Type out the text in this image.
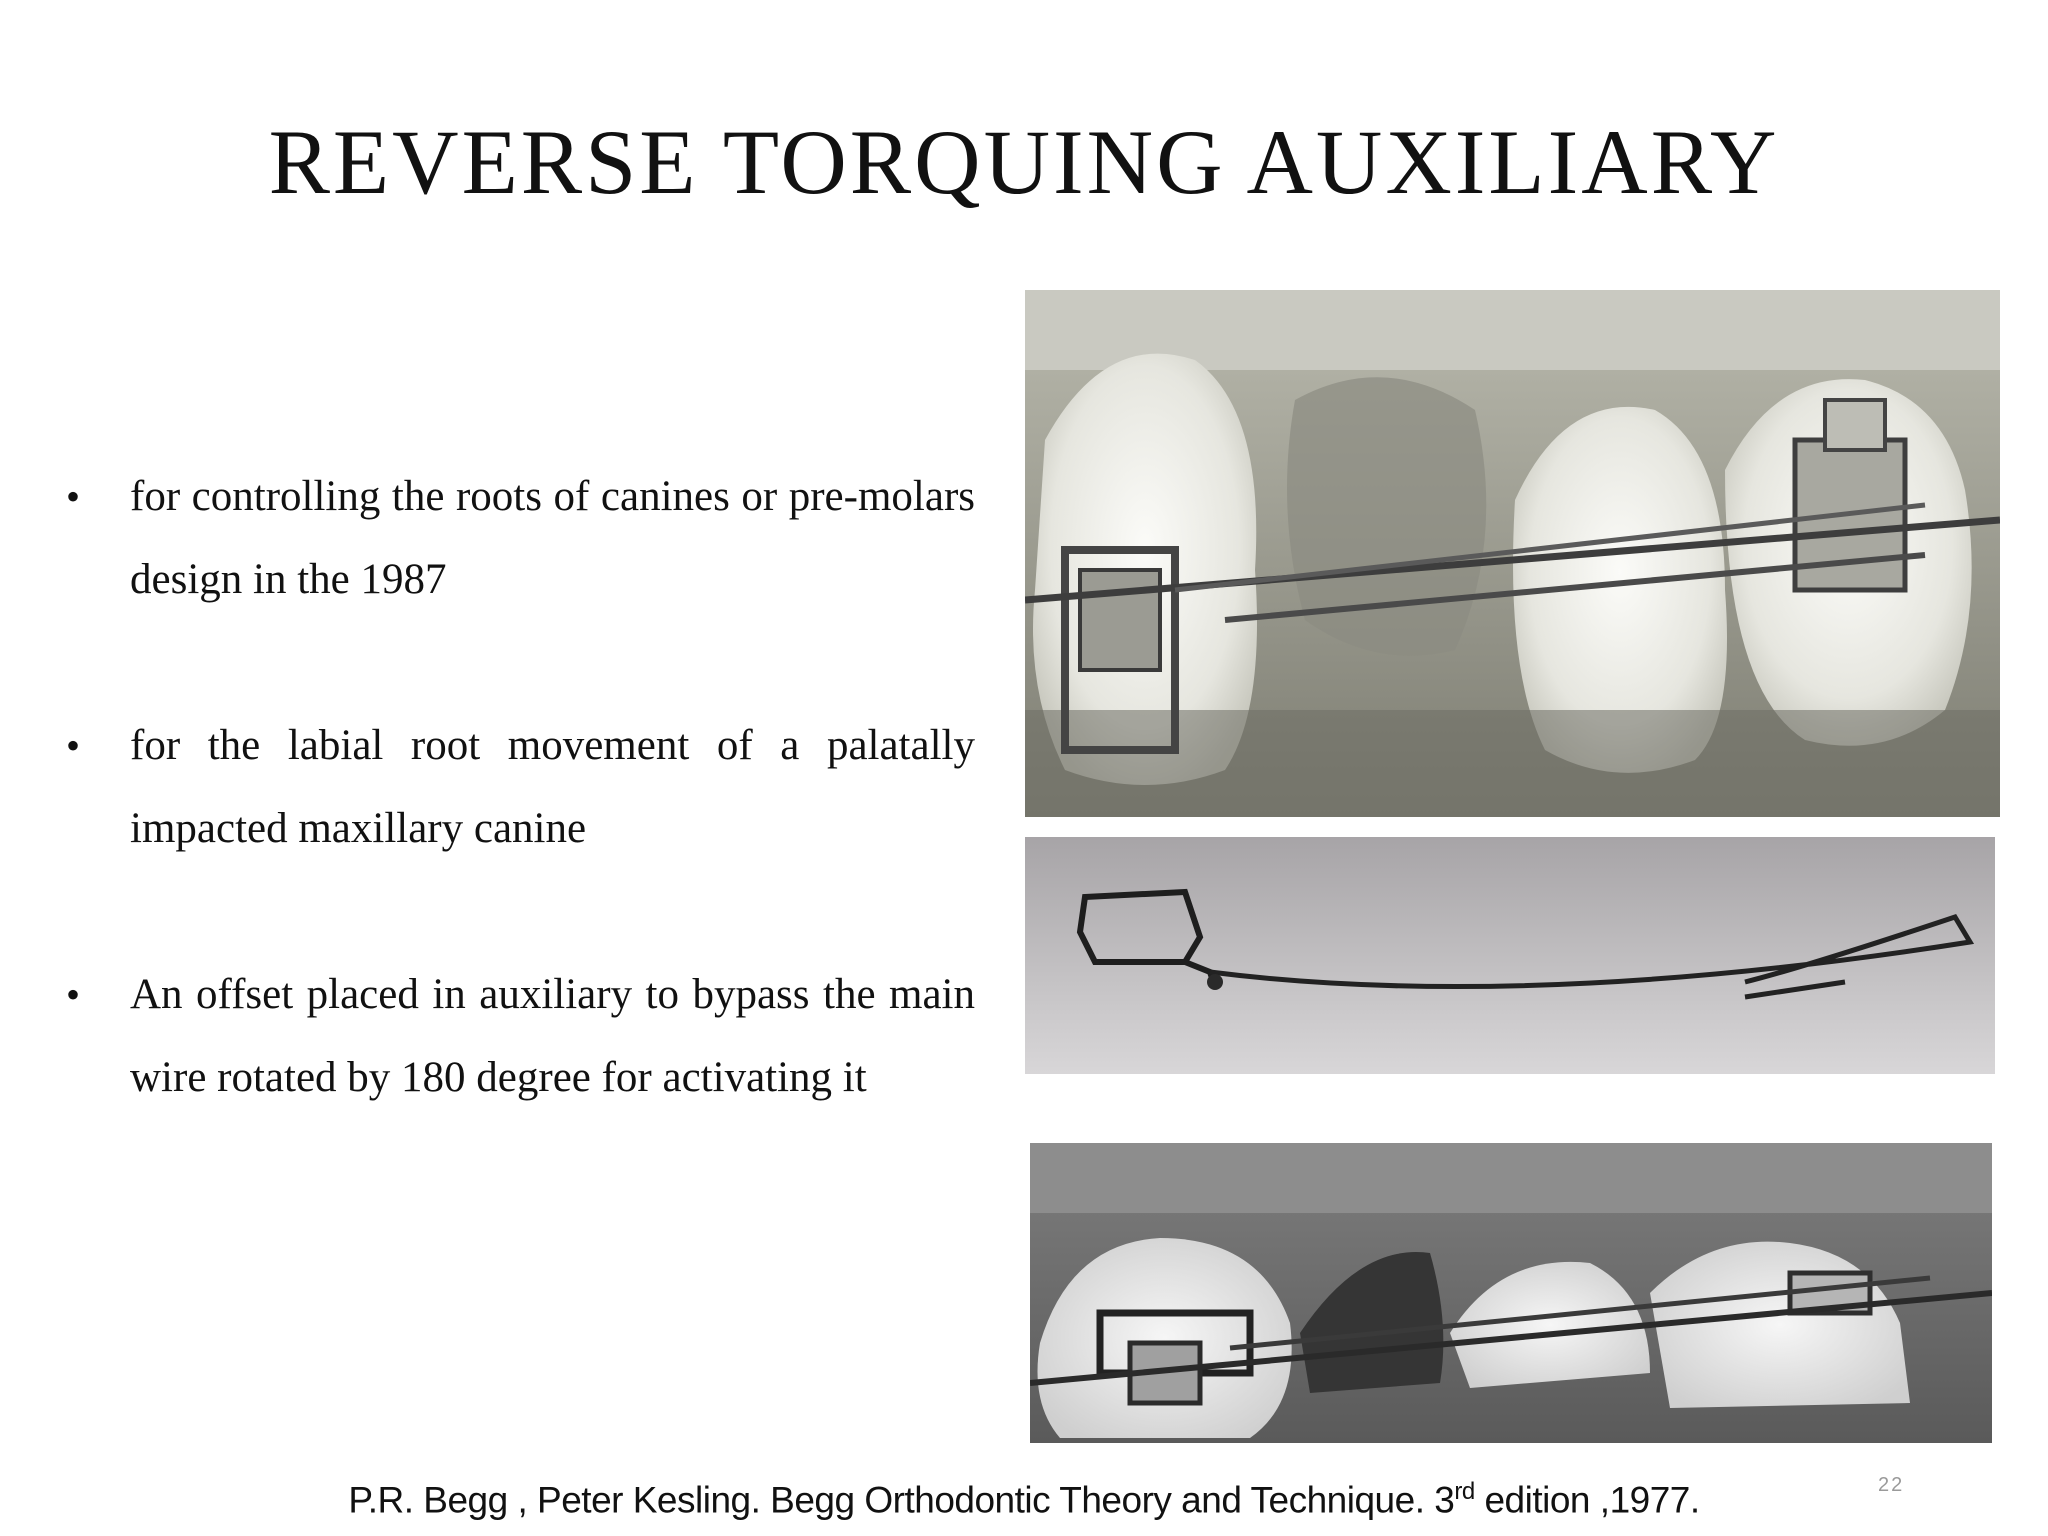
REVERSE TORQUING AUXILIARY
• for controlling the roots of canines or pre-molars design in the 1987
• for the labial root movement of a palatally impacted maxillary canine
• An offset placed in auxiliary to bypass the main wire rotated by 180 degree for activating it
P.R. Begg , Peter Kesling. Begg Orthodontic Theory and Technique. 3rd edition ,1977.	22
